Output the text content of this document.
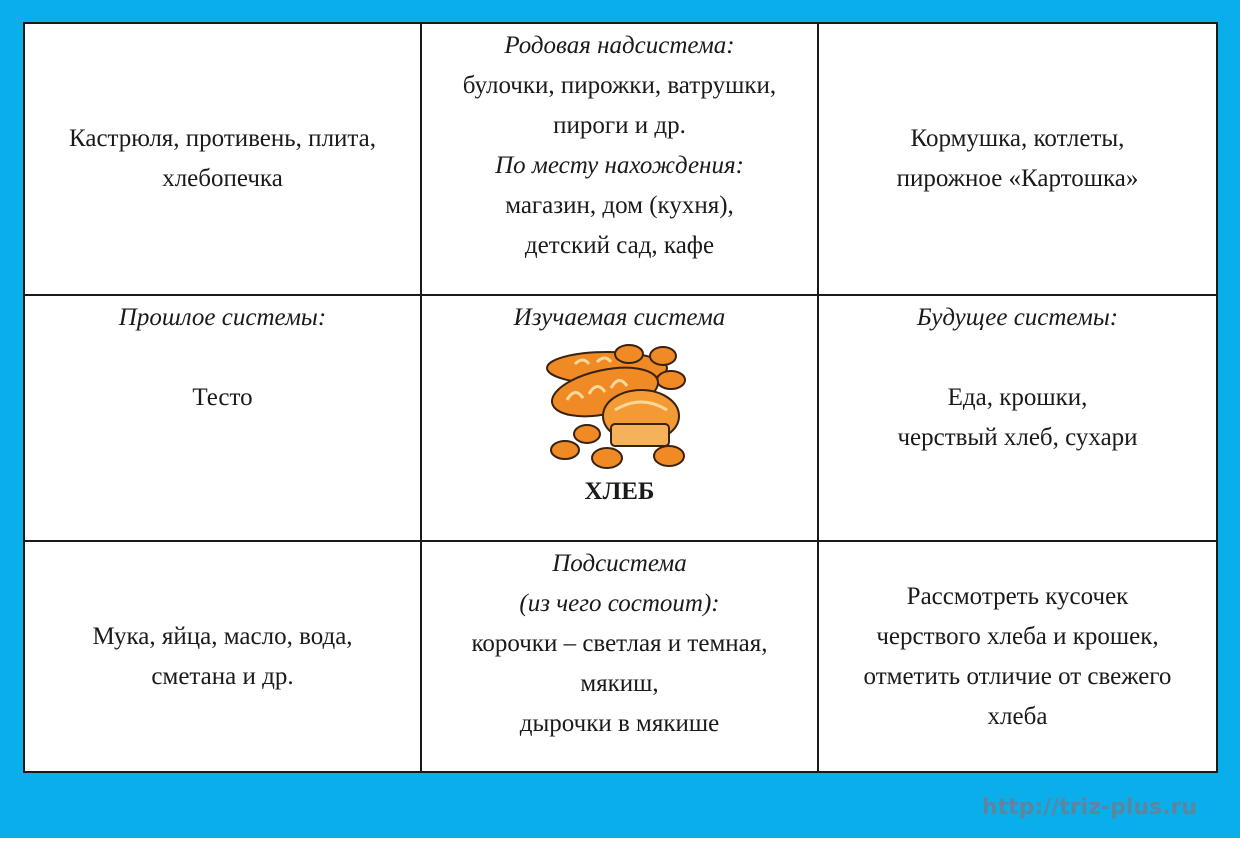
Кастрюля, противень, плита,

хлебопечка

Родовая надсистема:

булочки, пирожки, ватрушки,

пироги и др.

По месту нахождения:

магазин, дом (кухня),

детский сад, кафе

Кормушка, котлеты,

пирожное «Картошка»

Прошлое системы:

Тесто

Изучаемая система

ХЛЕБ

Будущее системы:

Еда, крошки,

черствый хлеб, сухари

Мука, яйца, масло, вода,

сметана и др.

Подсистема

(из чего состоит):

корочки – светлая и темная,

мякиш,

дырочки в мякише

Рассмотреть кусочек

черствого хлеба и крошек,

отметить отличие от свежего

хлеба

http://triz-plus.ru
